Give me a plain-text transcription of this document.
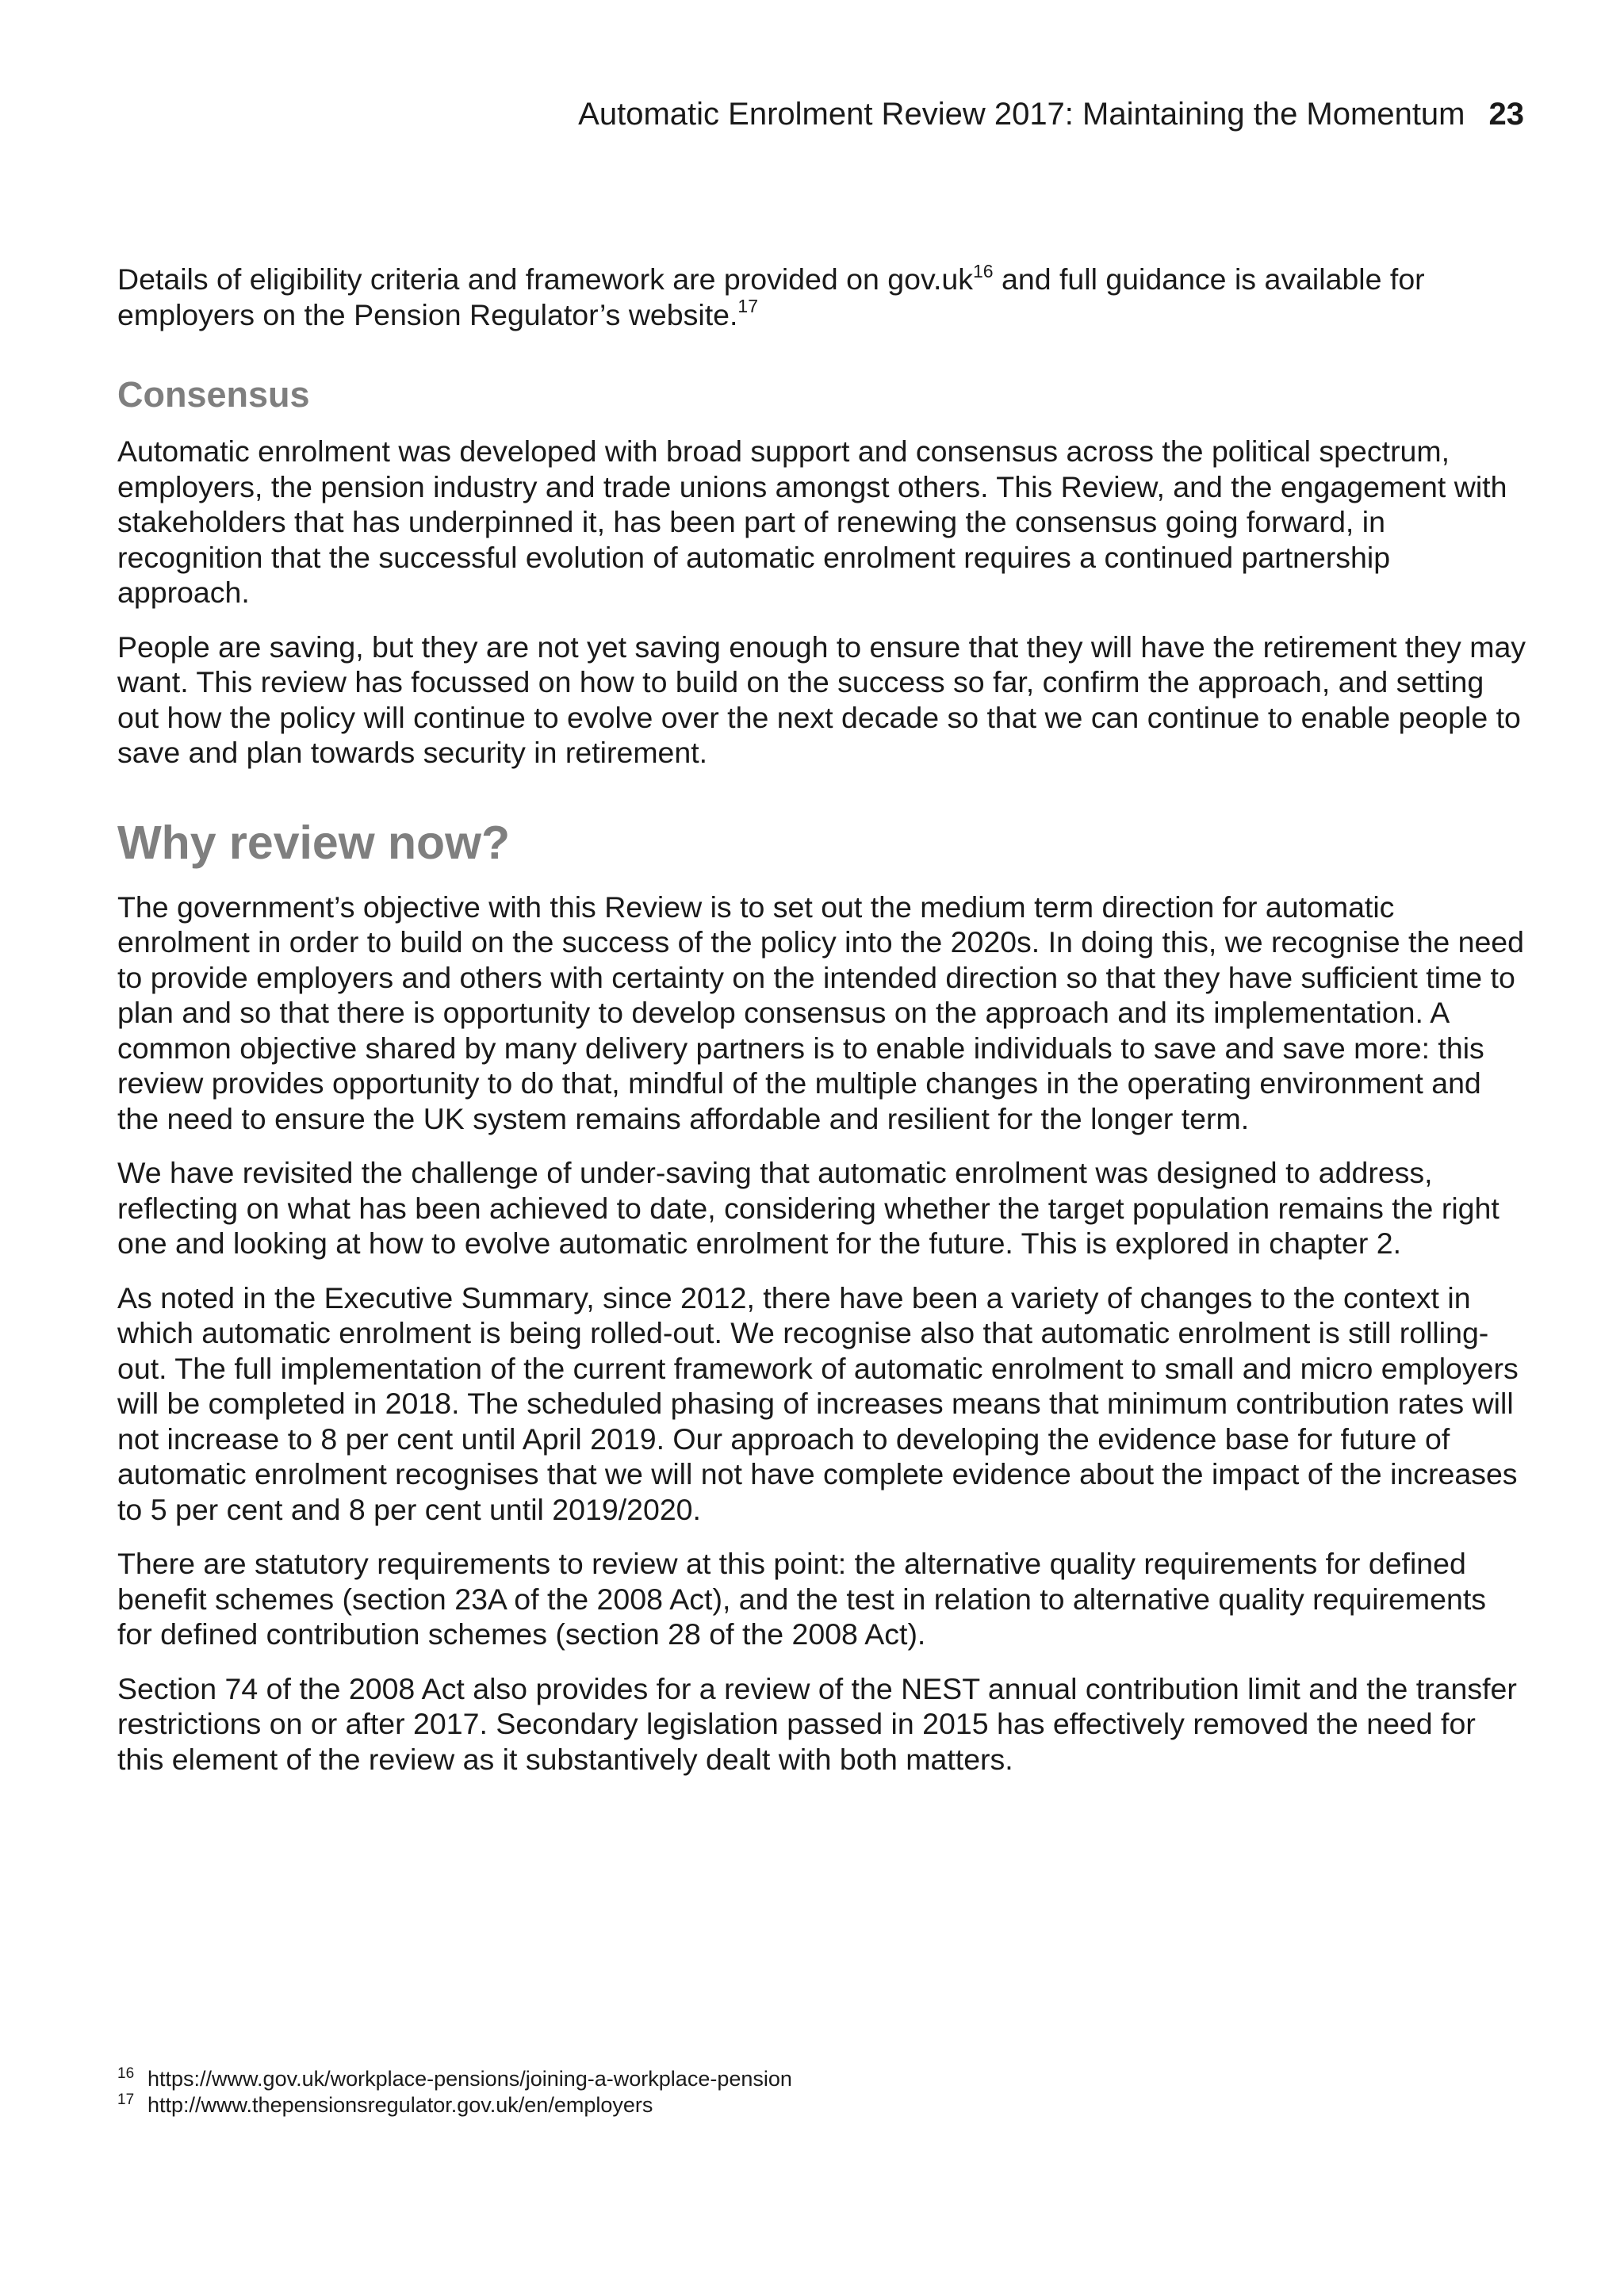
Automatic Enrolment Review 2017: Maintaining the Momentum 23

Details of eligibility criteria and framework are provided on $gov.uk^{16}$ and full guidance is available for employers on the Pension Regulator’s website.$^{17}$

Consensus

Automatic enrolment was developed with broad support and consensus across the political spectrum, employers, the pension industry and trade unions amongst others. This Review, and the engagement with stakeholders that has underpinned it, has been part of renewing the consensus going forward, in recognition that the successful evolution of automatic enrolment requires a continued partnership approach.

People are saving, but they are not yet saving enough to ensure that they will have the retirement they may want. This review has focussed on how to build on the success so far, confirm the approach, and setting out how the policy will continue to evolve over the next decade so that we can continue to enable people to save and plan towards security in retirement.

Why review now?

The government’s objective with this Review is to set out the medium term direction for automatic enrolment in order to build on the success of the policy into the 2020s. In doing this, we recognise the need to provide employers and others with certainty on the intended direction so that they have sufficient time to plan and so that there is opportunity to develop consensus on the approach and its implementation. A common objective shared by many delivery partners is to enable individuals to save and save more: this review provides opportunity to do that, mindful of the multiple changes in the operating environment and the need to ensure the UK system remains affordable and resilient for the longer term.

We have revisited the challenge of under-saving that automatic enrolment was designed to address, reflecting on what has been achieved to date, considering whether the target population remains the right one and looking at how to evolve automatic enrolment for the future. This is explored in chapter 2.

As noted in the Executive Summary, since 2012, there have been a variety of changes to the context in which automatic enrolment is being rolled-out. We recognise also that automatic enrolment is still rolling-out. The full implementation of the current framework of automatic enrolment to small and micro employers will be completed in 2018. The scheduled phasing of increases means that minimum contribution rates will not increase to 8 per cent until April 2019. Our approach to developing the evidence base for future of automatic enrolment recognises that we will not have complete evidence about the impact of the increases to 5 per cent and 8 per cent until 2019/2020.

There are statutory requirements to review at this point: the alternative quality requirements for defined benefit schemes (section 23A of the 2008 Act), and the test in relation to alternative quality requirements for defined contribution schemes (section 28 of the 2008 Act).

Section 74 of the 2008 Act also provides for a review of the NEST annual contribution limit and the transfer restrictions on or after 2017. Secondary legislation passed in 2015 has effectively removed the need for this element of the review as it substantively dealt with both matters.

16 https://www.gov.uk/workplace-pensions/joining-a-workplace-pension
17 http://www.thepensionsregulator.gov.uk/en/employers
